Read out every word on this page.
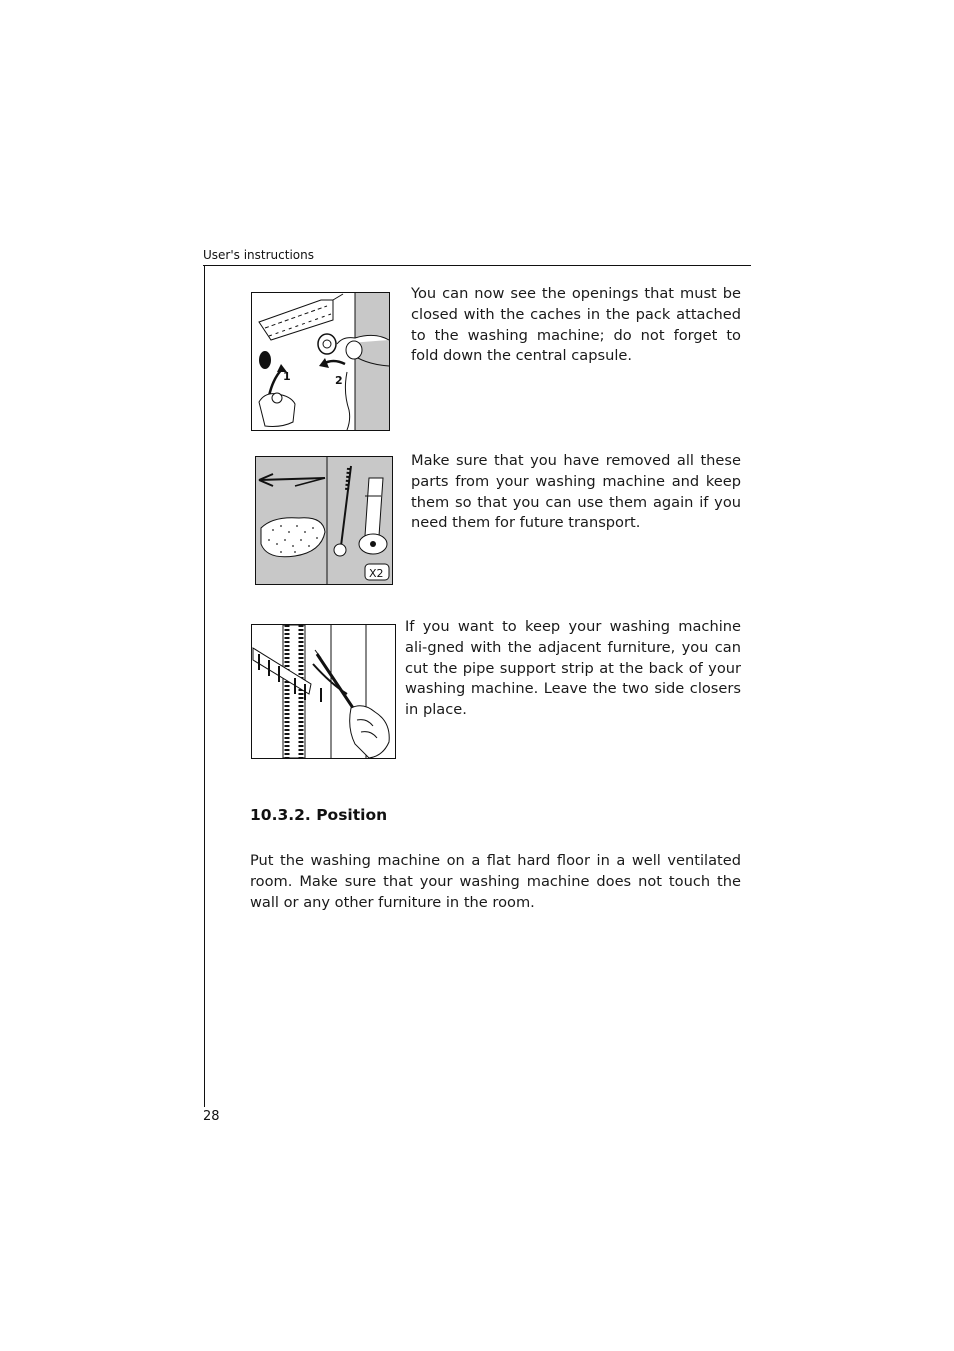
User's instructions
1	2

You can now see the openings that must be closed with the caches in the pack attached to the washing machine; do not forget to fold down the central capsule.

X2

Make sure that you have removed all these parts from your washing machine and keep them so that you can use them again if you need them for future transport.

If you want to keep your washing machine ali-gned with the adjacent furniture, you can cut the pipe support strip at the back of your washing machine. Leave the two side closers in place.

10.3.2. Position

Put the washing machine on a flat hard floor in a well ventilated room. Make sure that your washing machine does not touch the wall or any other furniture in the room.

28
